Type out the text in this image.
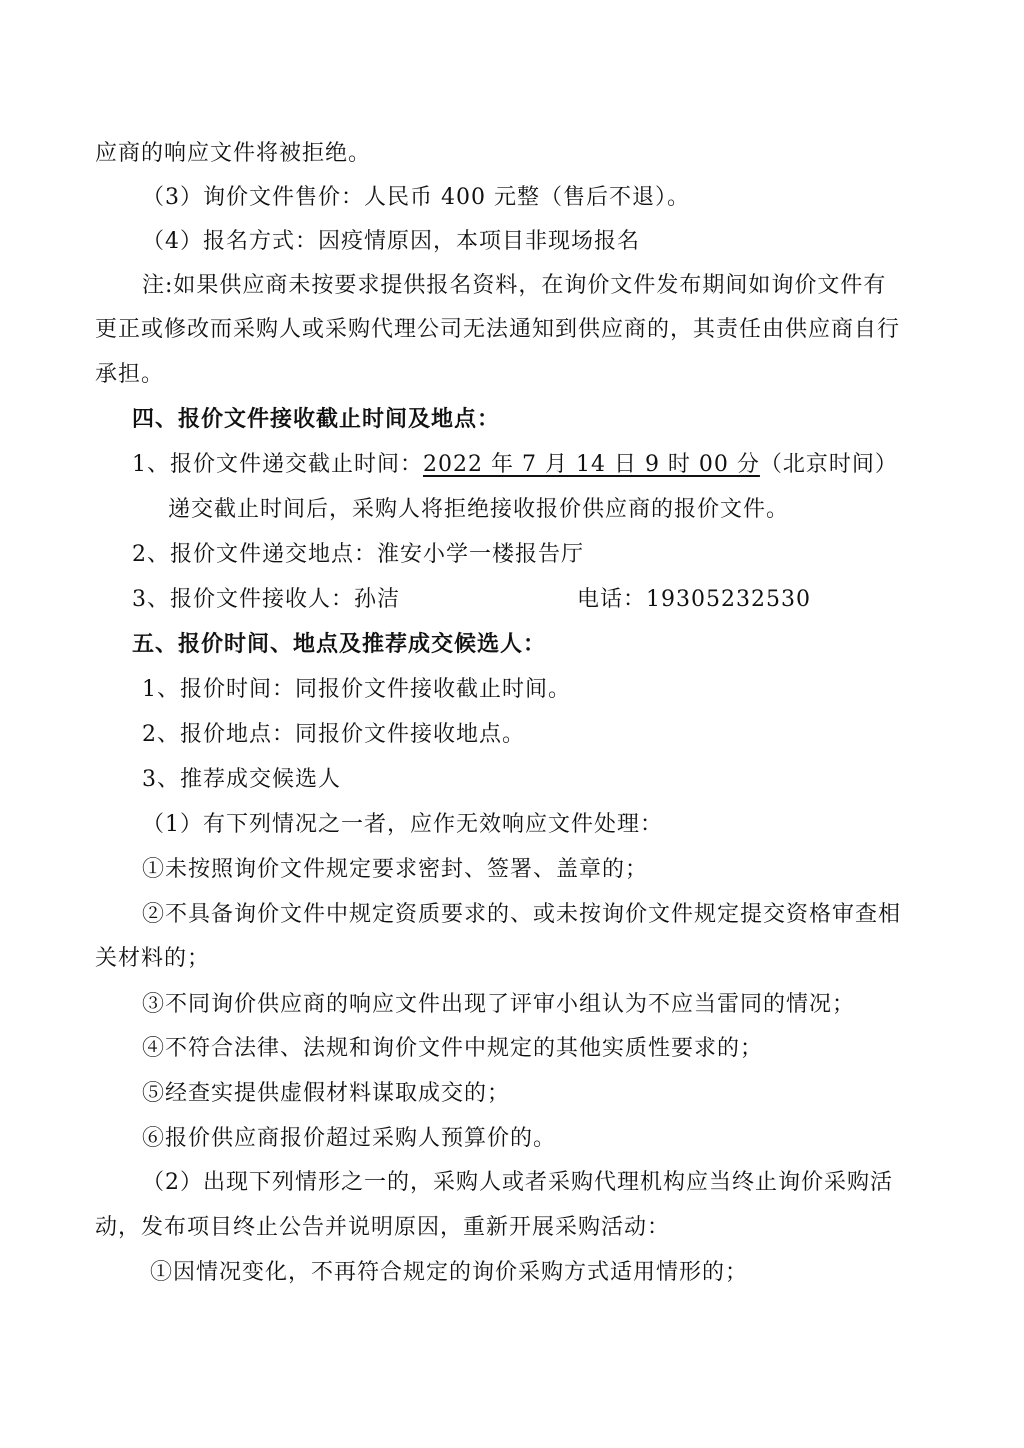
应商的响应文件将被拒绝。
（3）询价文件售价：人民币 400 元整（售后不退）。
（4）报名方式：因疫情原因，本项目非现场报名
注:如果供应商未按要求提供报名资料，在询价文件发布期间如询价文件有
更正或修改而采购人或采购代理公司无法通知到供应商的，其责任由供应商自行
承担。
四、报价文件接收截止时间及地点：
1、报价文件递交截止时间：2022 年 7 月 14 日 9 时 00 分（北京时间）
递交截止时间后，采购人将拒绝接收报价供应商的报价文件。
2、报价文件递交地点：淮安小学一楼报告厅
3、报价文件接收人：孙洁	电话：19305232530
五、报价时间、地点及推荐成交候选人：
1、报价时间：同报价文件接收截止时间。
2、报价地点：同报价文件接收地点。
3、推荐成交候选人
（1）有下列情况之一者，应作无效响应文件处理：
①未按照询价文件规定要求密封、签署、盖章的；
②不具备询价文件中规定资质要求的、或未按询价文件规定提交资格审查相
关材料的；
③不同询价供应商的响应文件出现了评审小组认为不应当雷同的情况；
④不符合法律、法规和询价文件中规定的其他实质性要求的；
⑤经查实提供虚假材料谋取成交的；
⑥报价供应商报价超过采购人预算价的。
（2）出现下列情形之一的，采购人或者采购代理机构应当终止询价采购活
动，发布项目终止公告并说明原因，重新开展采购活动：
①因情况变化，不再符合规定的询价采购方式适用情形的；
